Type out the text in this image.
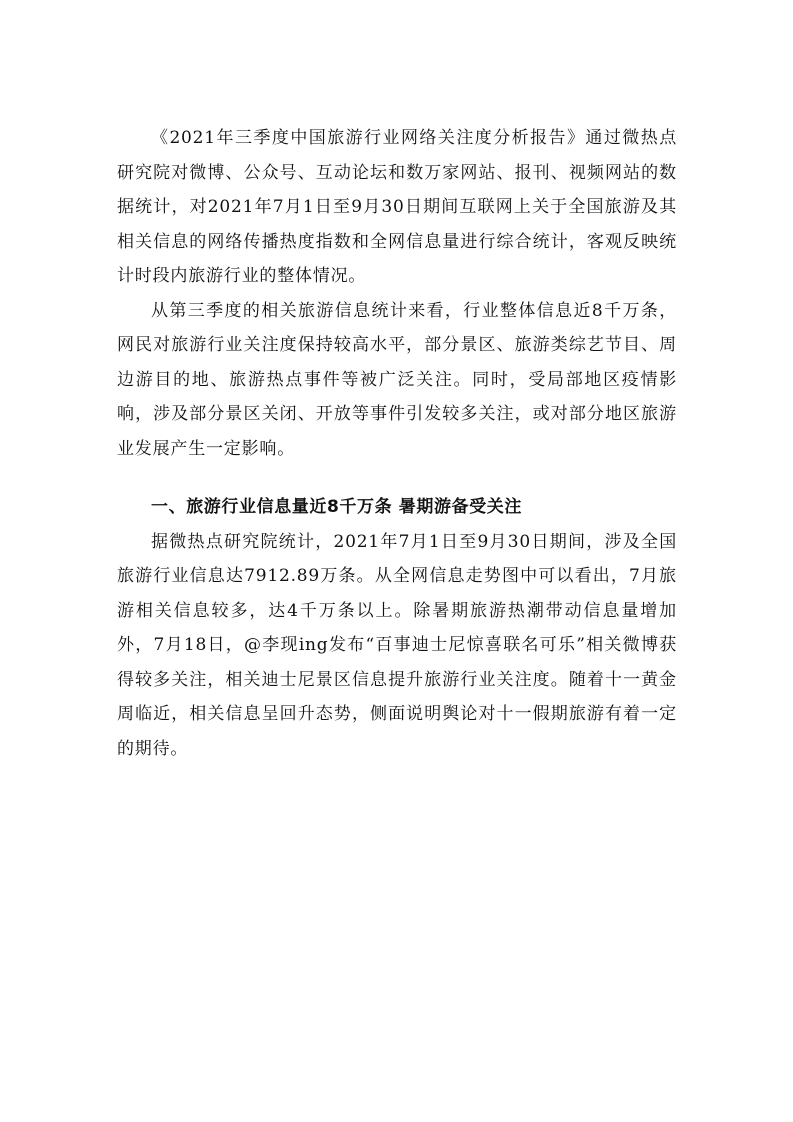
《2021年三季度中国旅游行业网络关注度分析报告》通过微热点研究院对微博、公众号、互动论坛和数万家网站、报刊、视频网站的数据统计，对2021年7月1日至9月30日期间互联网上关于全国旅游及其相关信息的网络传播热度指数和全网信息量进行综合统计，客观反映统计时段内旅游行业的整体情况。

从第三季度的相关旅游信息统计来看，行业整体信息近8千万条，网民对旅游行业关注度保持较高水平，部分景区、旅游类综艺节目、周边游目的地、旅游热点事件等被广泛关注。同时，受局部地区疫情影响，涉及部分景区关闭、开放等事件引发较多关注，或对部分地区旅游业发展产生一定影响。

一、旅游行业信息量近8千万条 暑期游备受关注

据微热点研究院统计，2021年7月1日至9月30日期间，涉及全国旅游行业信息达7912.89万条。从全网信息走势图中可以看出，7月旅游相关信息较多，达4千万条以上。除暑期旅游热潮带动信息量增加外，7月18日，@李现ing发布“百事迪士尼惊喜联名可乐”相关微博获得较多关注，相关迪士尼景区信息提升旅游行业关注度。随着十一黄金周临近，相关信息呈回升态势，侧面说明舆论对十一假期旅游有着一定的期待。
